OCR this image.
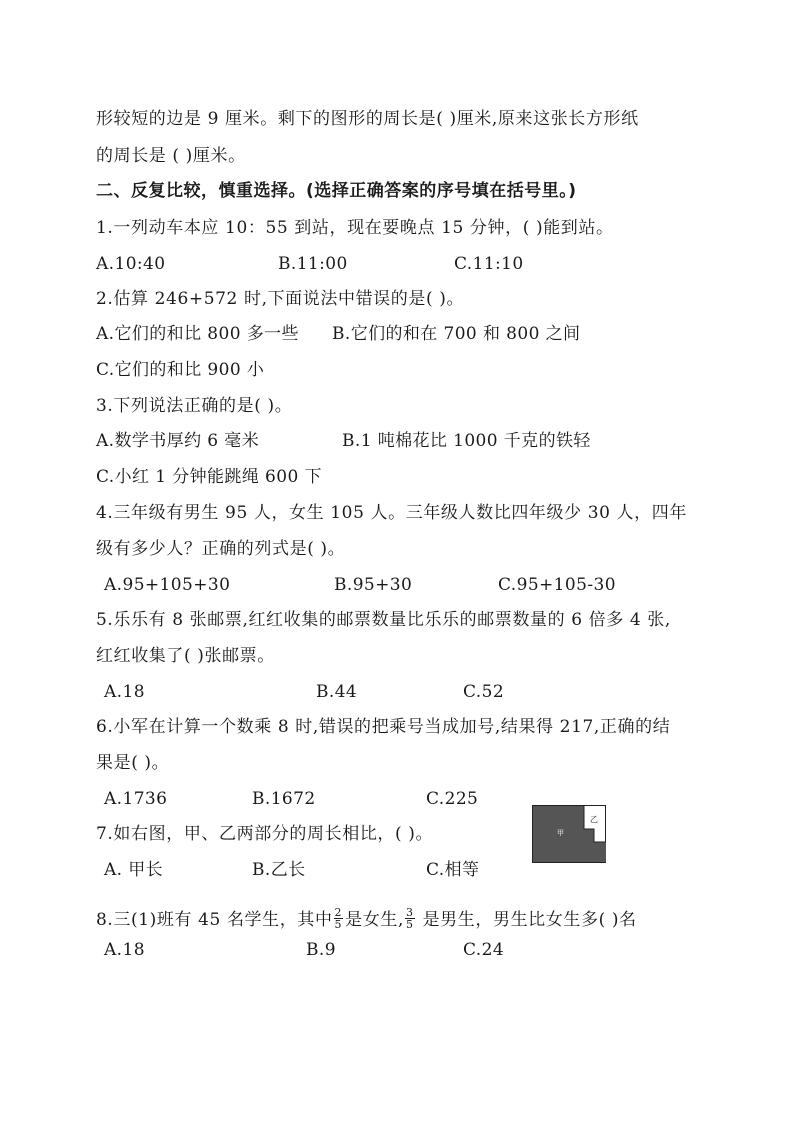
形较短的边是 9 厘米。剩下的图形的周长是( )厘米,原来这张长方形纸
的周长是 ( )厘米。
二、反复比较，慎重选择。(选择正确答案的序号填在括号里。)
1.一列动车本应 10：55 到站，现在要晚点 15 分钟，( )能到站。
A.10:40	B.11:00	C.11:10
2.估算 246+572 时,下面说法中错误的是( )。
A.它们的和比 800 多一些 B.它们的和在 700 和 800 之间
C.它们的和比 900 小
3.下列说法正确的是( )。
A.数学书厚约 6 毫米	B.1 吨棉花比 1000 千克的铁轻
C.小红 1 分钟能跳绳 600 下
4.三年级有男生 95 人，女生 105 人。三年级人数比四年级少 30 人，四年
级有多少人？正确的列式是( )。
A.95+105+30	B.95+30	C.95+105-30
5.乐乐有 8 张邮票,红红收集的邮票数量比乐乐的邮票数量的 6 倍多 4 张,
红红收集了( )张邮票。
A.18	B.44	C.52
6.小军在计算一个数乘 8 时,错误的把乘号当成加号,结果得 217,正确的结
果是( )。
A.1736	B.1672	C.225
7.如右图，甲、乙两部分的周长相比，( )。
A. 甲长	B.乙长	C.相等
甲
乙
8.三(1)班有 45 名学生，其中 $\frac{2}{5}$ 是女生, $\frac{3}{5}$ 是男生，男生比女生多( )名
A.18	B.9	C.24
